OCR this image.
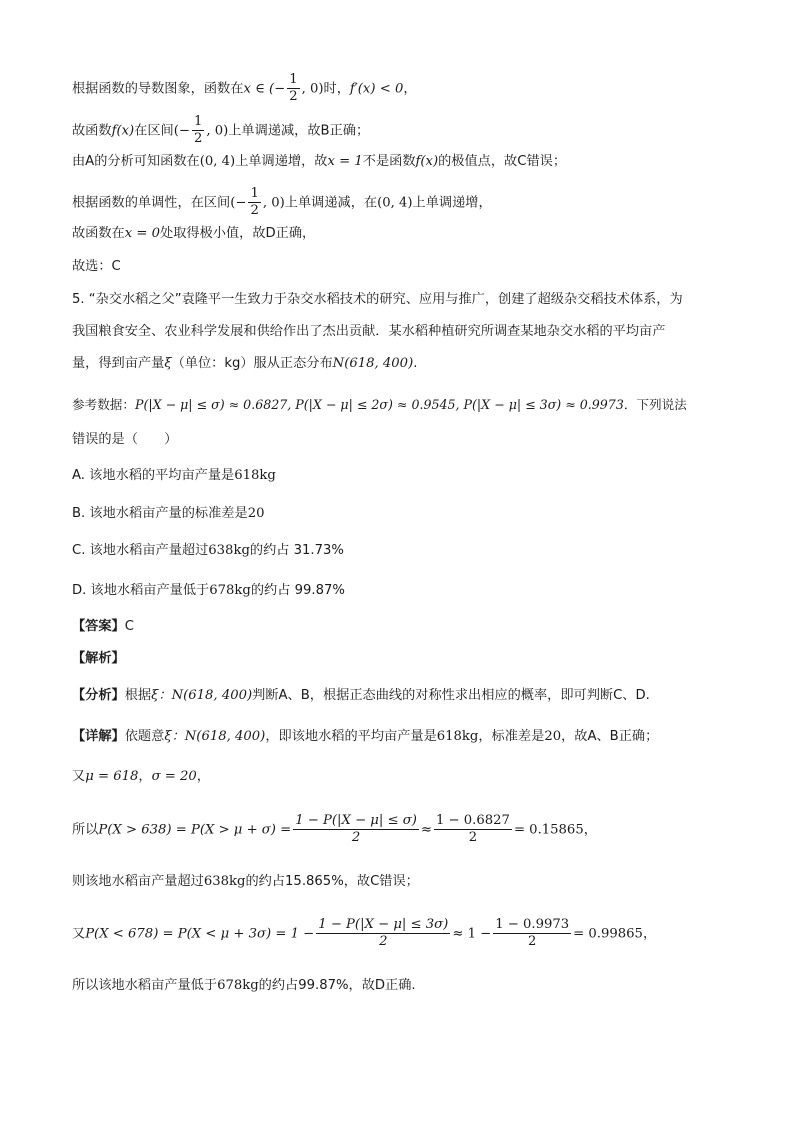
根据函数的导数图象，函数在x ∈ (− $\frac{1}{2}$ , 0)时，f′(x) < 0，
故函数f(x)在区间(− $\frac{1}{2}$ , 0)上单调递减，故B正确；
由A的分析可知函数在(0, 4)上单调递增，故x = 1不是函数f(x)的极值点，故C错误；
根据函数的单调性，在区间(− $\frac{1}{2}$ , 0)上单调递减，在(0, 4)上单调递增，
故函数在x = 0处取得极小值，故D正确，
故选：C
5. “杂交水稻之父”袁隆平一生致力于杂交水稻技术的研究、应用与推广，创建了超级杂交稻技术体系，为
我国粮食安全、农业科学发展和供给作出了杰出贡献．某水稻种植研究所调查某地杂交水稻的平均亩产
量，得到亩产量ξ（单位：kg）服从正态分布N(618, 400).
参考数据：P(|X − μ| ≤ σ) ≈ 0.6827, P(|X − μ| ≤ 2σ) ≈ 0.9545, P(|X − μ| ≤ 3σ) ≈ 0.9973．下列说法
错误的是（　　）
A. 该地水稻的平均亩产量是618kg
B. 该地水稻亩产量的标准差是20
C. 该地水稻亩产量超过638kg的约占 31.73%
D. 该地水稻亩产量低于678kg的约占 99.87%
【答案】C
【解析】
【分析】根据ξ：N(618, 400)判断A、B，根据正态曲线的对称性求出相应的概率，即可判断C、D.
【详解】依题意ξ：N(618, 400)，即该地水稻的平均亩产量是618kg，标准差是20，故A、B正确；
又μ = 618，σ = 20，
所以$P(X > 638) = P(X > \mu + \sigma) = \frac{1 - P(|X - \mu| \le \sigma)}{2} \approx \frac{1 - 0.6827}{2} = 0.15865$，
则该地水稻亩产量超过638kg的约占15.865%，故C错误；
又$P(X < 678) = P(X < \mu + 3\sigma) = 1 - \frac{1 - P(|X - \mu| \le 3\sigma)}{2} \approx 1 - \frac{1 - 0.9973}{2} = 0.99865$，
所以该地水稻亩产量低于678kg的约占99.87%，故D正确.
